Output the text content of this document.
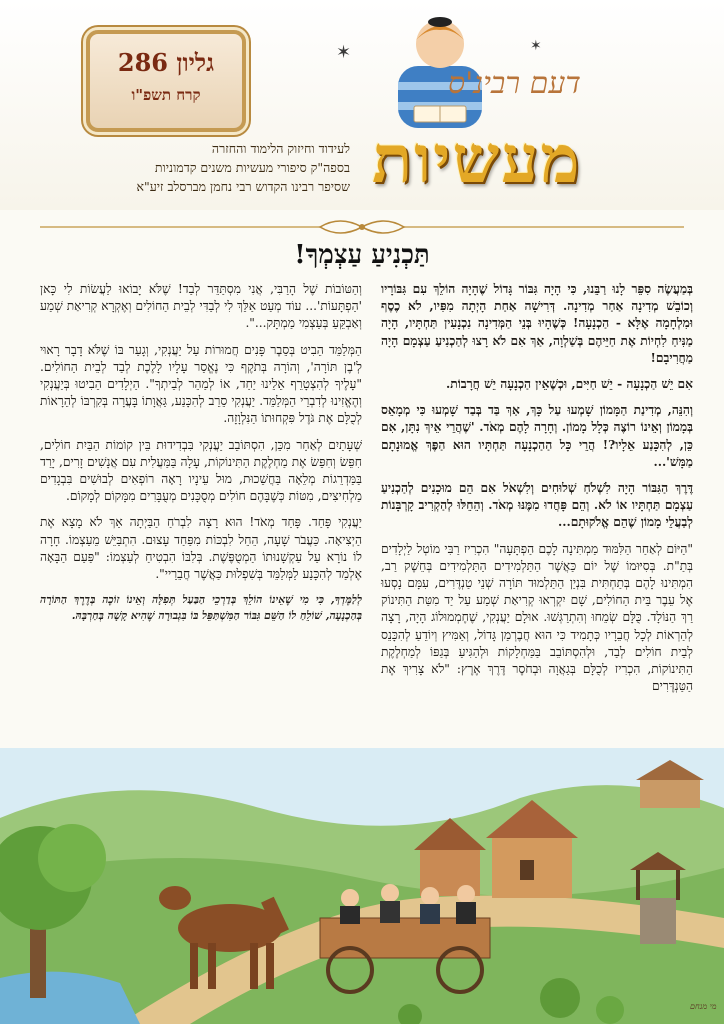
גליון 286
קרח תשפ"ו
לעידוד וחיזוק הלימוד והחזרה
בספה"ק סיפורי מעשיות משנים קדמוניות
שסיפר רבינו הקדוש רבי נחמן מברסלב זיע"א
✶	✶
דעם רבינ'ס
מעשיות
תַּכְנִיעַ עַצְמְךָ!

בְּמַעֲשֶׂה סִפֵּר לָנוּ רַבֵּנוּ, כִּי הָיָה גִּבּוֹר גָּדוֹל שֶׁהָיָה הוֹלֵךְ עִם גִּבּוֹרָיו וְכוֹבֵשׁ מְדִינָה אַחַר מְדִינָה. דְּרִישָׁה אַחַת הָיְתָה מִפִּיו, לֹא כֶסֶף וּמִלְחָמָה אֶלָּא - הַכְנָעָה! כְּשֶׁהָיוּ בְּנֵי הַמְּדִינָה נִכְנָעִין תַּחְתָּיו, הָיָה מַנִּיחַ לִחְיוֹת אֶת חַיֵּיהֶם בְּשַׁלְוָה, אַךְ אִם לֹא רָצוּ לְהַכְנִיעַ עַצְמָם הָיָה מַחֲרִיבָם!

אִם יֵשׁ הַכְנָעָה - יֵשׁ חַיִּים, וּכְשֶׁאֵין הַכְנָעָה יֵשׁ חֲרָבוֹת.

וְהִנֵּה, מְדִינַת הַמָּמוֹן שָׁמְעוּ עַל כָּךְ, אַךְ בַּד בְּבַד שָׁמְעוּ כִּי מְמָאֵס בְּמָמוֹן וְאֵינוֹ רוֹצֶה כְּלָל מָמוֹן. וְחָרָה לָהֶם מְאֹד. 'שֶׁהֲרֵי אֵיךְ נִתָּן, אִם כֵּן, לְהִכָּנַע אֵלָיו?! הֲרֵי כָּל הַהַכְנָעָה תַּחְתָּיו הוּא הַפֶּךְ אֱמוּנָתָם מַמָּשׁ'...

דֶּרֶךְ הַגִּבּוֹר הָיָה לִשְׁלֹחַ שְׁלוּחִים וְלִשְׁאֹל אִם הֵם מוּכָנִים לְהַכְנִיעַ עַצְמָם תַּחְתָּיו אוֹ לֹא. וְהֵם פָּחֲדוּ מִמֶּנּוּ מְאֹד. וְהֵחֵלּוּ לְהַקְרִיב קָרְבָּנוֹת לְבַעֲלֵי מָמוֹן שֶׁהֵם אֱלֹקוּתָם...

"הַיּוֹם לְאַחַר הַלִּמּוּד מַמְתִּינָה לָכֶם הַפְתָּעָה" הִכְרִיז רַבִּי מוֹטְל לַיְלָדִים בְּתַ"ת. בְּסִיּוּמוֹ שֶׁל יוֹם כַּאֲשֶׁר הַתַּלְמִידִים הַתַּלְמִידִים בְּחֵשֶׁק רַב, הִמְתִּינוּ לָהֶם בְּתַחְתִּית בִּנְיַן הַתַּלְמוּד תּוֹרָה שְׁנֵי טַנְדֶּרִים, עִמָּם נָסְעוּ אֶל עֵבֶר בֵּית הַחוֹלִים, שָׁם יִקְרְאוּ קְרִיאַת שְׁמַע עַל יַד מִטַּת הַתִּינוֹק רַךְ הַנּוֹלָד. כֻּלָּם שְׂמֵחוּ וְהִתְרַגְּשׁוּ. אוּלָם יַעֲנְקִי, שֶׁחֶמְמוּלוֹג הָיָה, רָצָה לְהַרְאוֹת לְכָל חֲבֵרָיו כְּתָמִיד כִּי הוּא חֲבֶרְמַן גָּדוֹל, וְאַמִּיץ וְיוֹדֵעַ לְהִכָּנֵס לְבֵית חוֹלִים לְבַד, וּלְהִסְתּוֹבֵב בַּמַּחְלָקוֹת וּלְהַגִּיעַ בְּגַפּוֹ לְמַחְלֶקֶת הַתִּינוֹקוֹת, הִכְרִיז לְכֻלָּם בְּגַאֲוָה וּבְחֹסֶר דֶּרֶךְ אֶרֶץ: "לֹא צָרִיךְ אֶת הַטַּנְדֶּרִים

וְהַטּוֹבוֹת שֶׁל הָרַבִּי, אֲנִי מִסְתַּדֵּר לְבַד! שֶׁלֹּא יָבוֹאוּ לַעֲשׂוֹת לִי כָּאן 'הַפְתָּעוֹת'... עוֹד מְעַט אַלֵּךְ לִי לְבַדִּי לְבֵית הַחוֹלִים וְאֶקְרָא קְרִיאַת שְׁמַע וְאַבְקֵּעַ בְּעַצְמִי מַמְתָּק...".

הַמְּלַמֵּד הֵבִיט בְּסֵבֶר פָּנִים חֲמוּרוֹת עַל יַעֲנְקִי, וְגָעַר בּוֹ שֶׁלֹּא דָבָר רָאוּי לְ'בֶן תּוֹרָה', וְהוֹרָה בְּתֹקֶף כִּי נֶאֱסַר עָלָיו לָלֶכֶת לְבַד לְבֵית הַחוֹלִים. "עָלֶיךָ לְהִצְטָרֵף אֵלֵינוּ יַחַד, אוֹ לְמַהֵר לְבֵיתְךָ". הַיְלָדִים הֵבִיטוּ בְּיַעֲנְקִי וְהֶאֱזִינוּ לְדִבְרֵי הַמְּלַמֵּד. יַעֲנְקִי סֵרֵב לְהִכָּנַע, גַּאֲוָתוֹ בָּעֲרָה בְּקִרְבּוֹ לְהֵרָאוֹת לְכֻלָּם אֶת גֹּדֶל פִּקְחוּתוֹ הַנִּלְוָזָה.

שְׁעָתַיִם לְאַחַר מִכֵּן, הִסְתּוֹבֵב יַעֲנְקִי בִּבְדִידוּת בֵּין קוֹמוֹת הַבַּיִת חוֹלִים, חִפֵּשׂ וְחִפֵּשׂ אֶת מַחְלֶקֶת הַתִּינוֹקוֹת, עָלָה בַּמַּעֲלִית עִם אֲנָשִׁים זָרִים, יָרַד בַּמַּדְרֵגוֹת מְלֵאָה בַּחֲשֵׁכוּת, מוּל עֵינָיו רָאָה רוֹפְאִים לְבוּשִׁים בִּבְגָדִים מַלְחִיצִים, מִטּוֹת כְּשֶׁבָּהֶם חוֹלִים מְסֻכָּנִים מְעֻבָּרִים מִמָּקוֹם לְמָקוֹם.

יַעֲנְקִי פָּחַד. פָּחַד מְאֹד! הוּא רָצָה לִבְרֹחַ הַבַּיְתָה אַךְ לֹא מָצָא אֶת הַיְצִיאָה. כַּעֲבֹר שָׁעָה, הֵחֵל לִבְכּוֹת מִפַּחַד עָצוּם. הִתְבַּיֵּשׁ מֵעַצְמוֹ. חָרָה לוֹ נוֹרָא עַל עַקְשָׁנוּתוֹ הַמְטֻפֶּשֶׁת. בְּלִבּוֹ הִבְטִיחַ לְעַצְמוֹ: "פַּעַם הַבָּאָה אֶלְמַד לְהִכָּנַע לַמְּלַמֵּד בְּשִׁפְלוּת כַּאֲשֶׁר חֲבֵרַיי".

לְלַמֶּדְךָ, כִּי מִי שֶׁאֵינוֹ הוֹלֵךְ בְּדַרְכֵי הַבַּעַל תְּפִלָּה וְאֵינוֹ זוֹכֶה בְּדֶרֶךְ הַתּוֹרָה בְּהַכְנָעָה, שׁוֹלֵחַ לוֹ הַשֵּׁם גִּבּוֹר הַמִּשְׁתַּפֵּל בּוֹ בִּגְבוּרָה שֶׁהִיא קָשָׁה בְּחַרְבָּהּ.

מי מנחם
